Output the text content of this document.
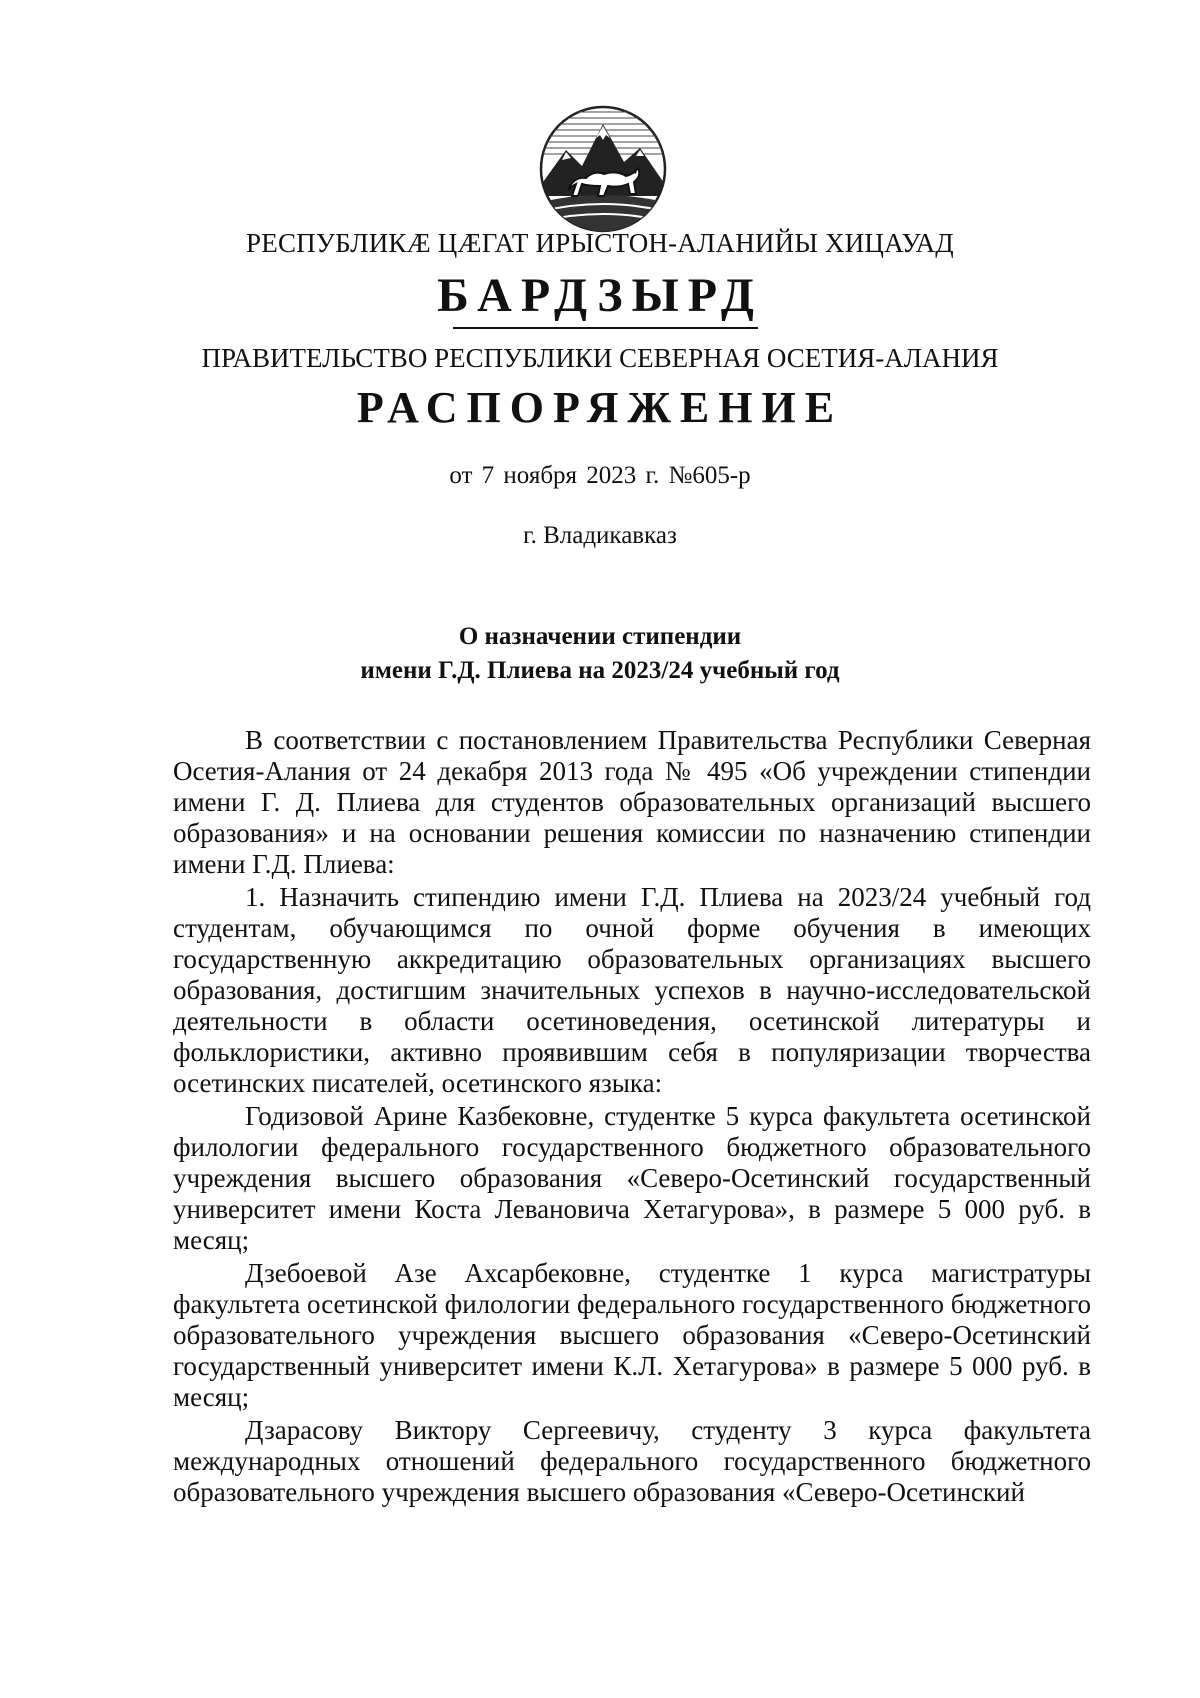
РЕСПУБЛИКÆ ЦÆГАТ ИРЫСТОН-АЛАНИЙЫ ХИЦАУАД
БАРДЗЫРД
ПРАВИТЕЛЬСТВО РЕСПУБЛИКИ СЕВЕРНАЯ ОСЕТИЯ-АЛАНИЯ
РАСПОРЯЖЕНИЕ
от 7 ноября 2023 г. №605-р
г. Владикавказ
О назначении стипендии
имени Г.Д. Плиева на 2023/24 учебный год

В соответствии с постановлением Правительства Республики Северная Осетия-Алания от 24 декабря 2013 года № 495 «Об учреждении стипендии имени Г. Д. Плиева для студентов образовательных организаций высшего образования» и на основании решения комиссии по назначению стипендии имени Г.Д. Плиева:

1. Назначить стипендию имени Г.Д. Плиева на 2023/24 учебный год студентам, обучающимся по очной форме обучения в имеющих государственную аккредитацию образовательных организациях высшего образования, достигшим значительных успехов в научно-исследовательской деятельности в области осетиноведения, осетинской литературы и фольклористики, активно проявившим себя в популяризации творчества осетинских писателей, осетинского языка:

Годизовой Арине Казбековне, студентке 5 курса факультета осетинской филологии федерального государственного бюджетного образовательного учреждения высшего образования «Северо-Осетинский государственный университет имени Коста Левановича Хетагурова», в размере 5 000 руб. в месяц;

Дзебоевой Азе Ахсарбековне, студентке 1 курса магистратуры факультета осетинской филологии федерального государственного бюджетного образовательного учреждения высшего образования «Северо-Осетинский государственный университет имени К.Л. Хетагурова» в размере 5 000 руб. в месяц;

Дзарасову Виктору Сергеевичу, студенту 3 курса факультета международных отношений федерального государственного бюджетного образовательного учреждения высшего образования «Северо-Осетинский
